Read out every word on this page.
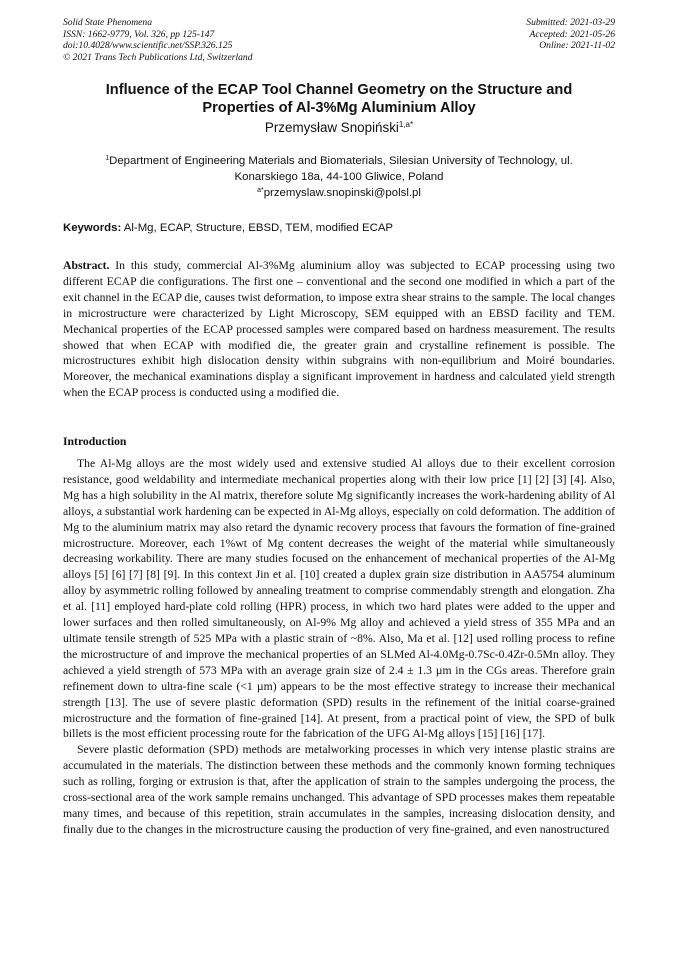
Solid State Phenomena
ISSN: 1662-9779, Vol. 326, pp 125-147
doi:10.4028/www.scientific.net/SSP.326.125
© 2021 Trans Tech Publications Ltd, Switzerland
Submitted: 2021-03-29
Accepted: 2021-05-26
Online: 2021-11-02
Influence of the ECAP Tool Channel Geometry on the Structure and
Properties of Al-3%Mg Aluminium Alloy
Przemysław Snopiński$^{1,a*}$
$^1$Department of Engineering Materials and Biomaterials, Silesian University of Technology, ul.
Konarskiego 18a, 44-100 Gliwice, Poland
$^{a*}$przemyslaw.snopinski@polsl.pl
Keywords: Al-Mg, ECAP, Structure, EBSD, TEM, modified ECAP

Abstract. In this study, commercial Al-3%Mg aluminium alloy was subjected to ECAP processing using two different ECAP die configurations. The first one – conventional and the second one modified in which a part of the exit channel in the ECAP die, causes twist deformation, to impose extra shear strains to the sample. The local changes in microstructure were characterized by Light Microscopy, SEM equipped with an EBSD facility and TEM. Mechanical properties of the ECAP processed samples were compared based on hardness measurement. The results showed that when ECAP with modified die, the greater grain and crystalline refinement is possible. The microstructures exhibit high dislocation density within subgrains with non-equilibrium and Moiré boundaries. Moreover, the mechanical examinations display a significant improvement in hardness and calculated yield strength when the ECAP process is conducted using a modified die.

Introduction

The Al-Mg alloys are the most widely used and extensive studied Al alloys due to their excellent corrosion resistance, good weldability and intermediate mechanical properties along with their low price [1] [2] [3] [4]. Also, Mg has a high solubility in the Al matrix, therefore solute Mg significantly increases the work-hardening ability of Al alloys, a substantial work hardening can be expected in Al-Mg alloys, especially on cold deformation. The addition of Mg to the aluminium matrix may also retard the dynamic recovery process that favours the formation of fine-grained microstructure. Moreover, each 1%wt of Mg content decreases the weight of the material while simultaneously decreasing workability. There are many studies focused on the enhancement of mechanical properties of the Al-Mg alloys [5] [6] [7] [8] [9]. In this context Jin et al. [10] created a duplex grain size distribution in AA5754 aluminum alloy by asymmetric rolling followed by annealing treatment to comprise commendably strength and elongation. Zha et al. [11] employed hard-plate cold rolling (HPR) process, in which two hard plates were added to the upper and lower surfaces and then rolled simultaneously, on Al-9% Mg alloy and achieved a yield stress of 355 MPa and an ultimate tensile strength of 525 MPa with a plastic strain of ~8%. Also, Ma et al. [12] used rolling process to refine the microstructure of and improve the mechanical properties of an SLMed Al-4.0Mg-0.7Sc-0.4Zr-0.5Mn alloy. They achieved a yield strength of 573 MPa with an average grain size of 2.4 ± 1.3 µm in the CGs areas. Therefore grain refinement down to ultra-fine scale (<1 µm) appears to be the most effective strategy to increase their mechanical strength [13]. The use of severe plastic deformation (SPD) results in the refinement of the initial coarse-grained microstructure and the formation of fine-grained [14]. At present, from a practical point of view, the SPD of bulk billets is the most efficient processing route for the fabrication of the UFG Al-Mg alloys [15] [16] [17].

Severe plastic deformation (SPD) methods are metalworking processes in which very intense plastic strains are accumulated in the materials. The distinction between these methods and the commonly known forming techniques such as rolling, forging or extrusion is that, after the application of strain to the samples undergoing the process, the cross-sectional area of the work sample remains unchanged. This advantage of SPD processes makes them repeatable many times, and because of this repetition, strain accumulates in the samples, increasing dislocation density, and finally due to the changes in the microstructure causing the production of very fine-grained, and even nanostructured
